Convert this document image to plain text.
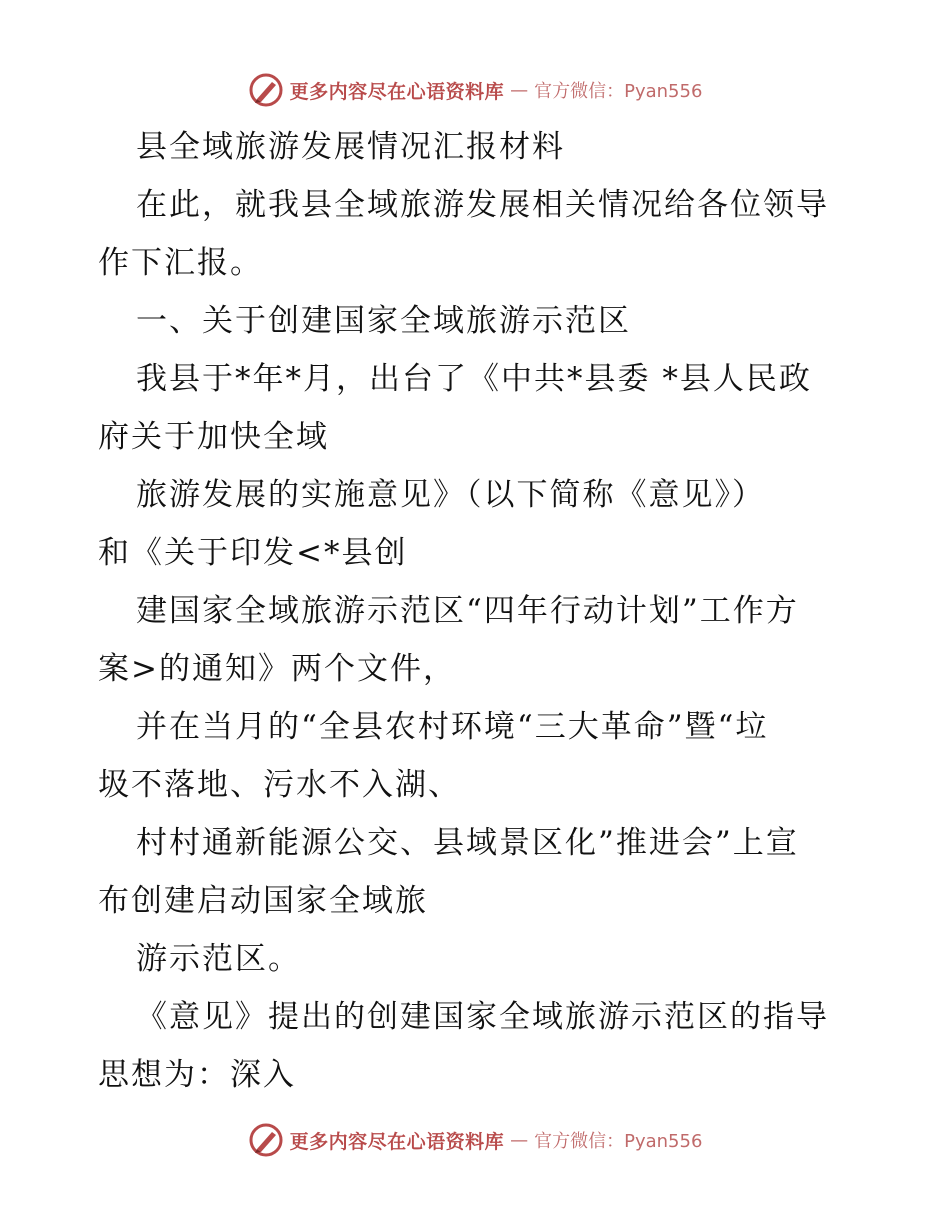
更多内容尽在心语资料库 — 官方微信：Pyan556
县全域旅游发展情况汇报材料
在此，就我县全域旅游发展相关情况给各位领导
作下汇报。
一、关于创建国家全域旅游示范区
我县于*年*月，出台了《中共*县委 *县人民政
府关于加快全域
旅游发展的实施意见》（以下简称《意见》）
和《关于印发<*县创
建国家全域旅游示范区“四年行动计划”工作方
案>的通知》两个文件，
并在当月的“全县农村环境“三大革命”暨“垃
圾不落地、污水不入湖、
村村通新能源公交、县域景区化”推进会”上宣
布创建启动国家全域旅
游示范区。
《意见》提出的创建国家全域旅游示范区的指导
思想为：深入
更多内容尽在心语资料库 — 官方微信：Pyan556
